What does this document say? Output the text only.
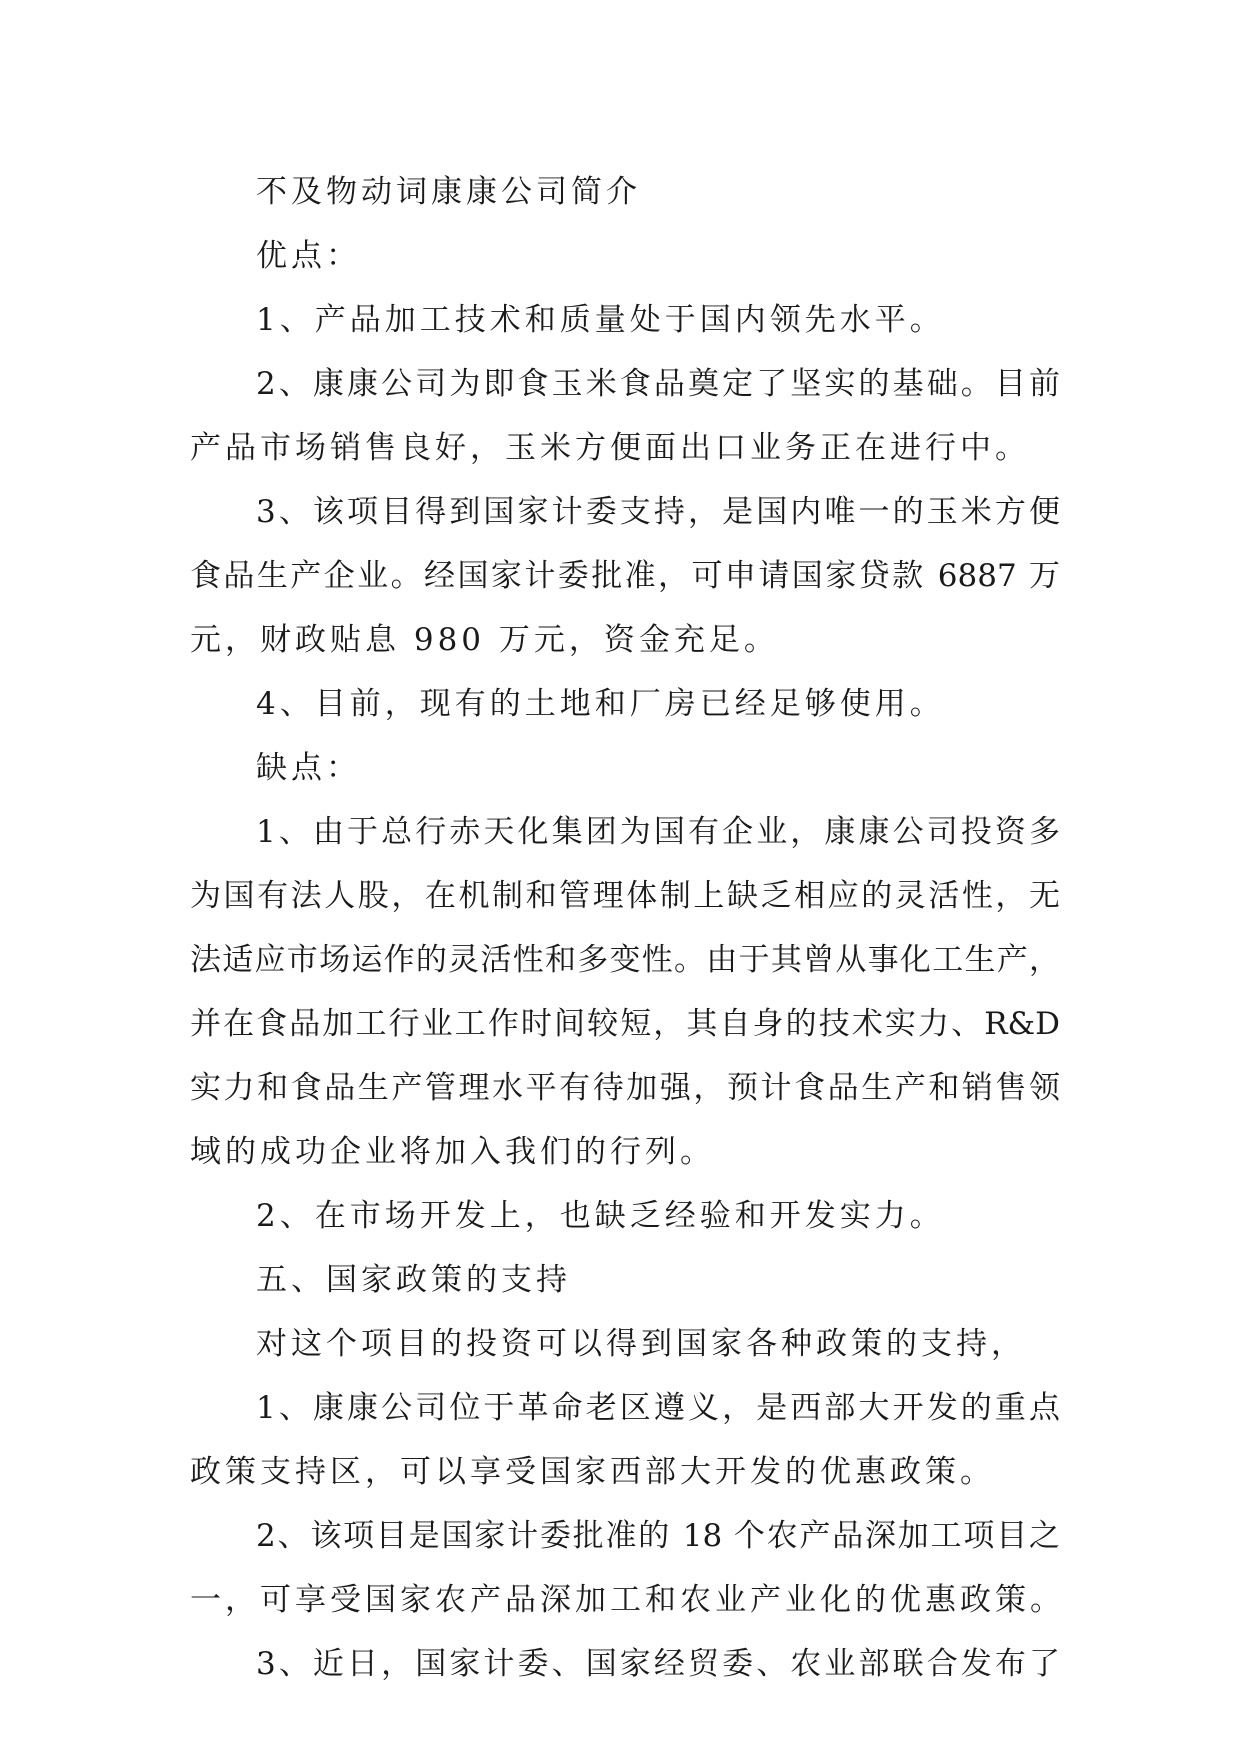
不及物动词康康公司简介
优点：
1、产品加工技术和质量处于国内领先水平。
2、康康公司为即食玉米食品奠定了坚实的基础。目前
产品市场销售良好，玉米方便面出口业务正在进行中。
3、该项目得到国家计委支持，是国内唯一的玉米方便
食品生产企业。经国家计委批准，可申请国家贷款 6887 万
元，财政贴息 980 万元，资金充足。
4、目前，现有的土地和厂房已经足够使用。
缺点：
1、由于总行赤天化集团为国有企业，康康公司投资多
为国有法人股，在机制和管理体制上缺乏相应的灵活性，无
法适应市场运作的灵活性和多变性。由于其曾从事化工生产，
并在食品加工行业工作时间较短，其自身的技术实力、R&D
实力和食品生产管理水平有待加强，预计食品生产和销售领
域的成功企业将加入我们的行列。
2、在市场开发上，也缺乏经验和开发实力。
五、国家政策的支持
对这个项目的投资可以得到国家各种政策的支持，
1、康康公司位于革命老区遵义，是西部大开发的重点
政策支持区，可以享受国家西部大开发的优惠政策。
2、该项目是国家计委批准的 18 个农产品深加工项目之
一，可享受国家农产品深加工和农业产业化的优惠政策。
3、近日，国家计委、国家经贸委、农业部联合发布了
